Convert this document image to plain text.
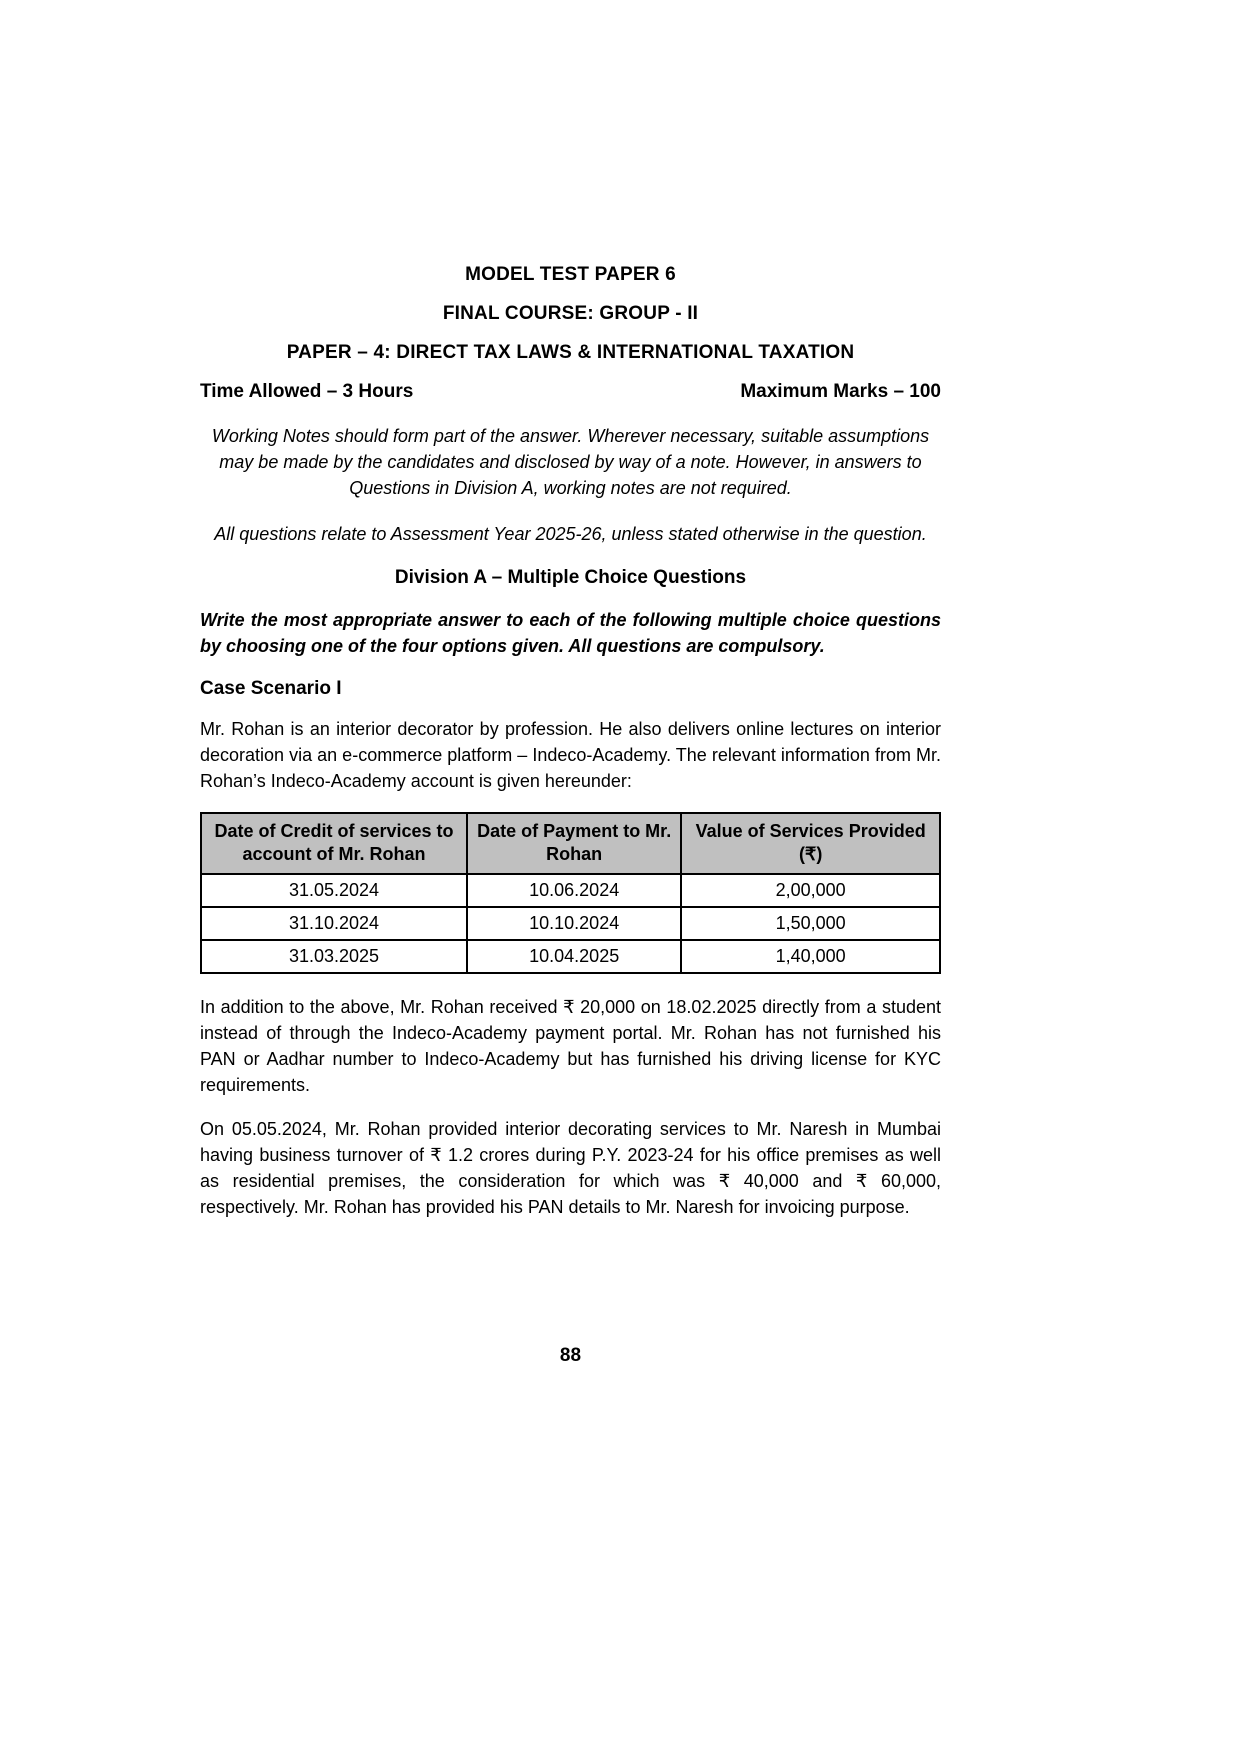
MODEL TEST PAPER 6
FINAL COURSE: GROUP - II
PAPER – 4: DIRECT TAX LAWS & INTERNATIONAL TAXATION
Time Allowed – 3 Hours	Maximum Marks – 100
Working Notes should form part of the answer. Wherever necessary, suitable assumptions may be made by the candidates and disclosed by way of a note. However, in answers to Questions in Division A, working notes are not required.
All questions relate to Assessment Year 2025-26, unless stated otherwise in the question.
Division A – Multiple Choice Questions
Write the most appropriate answer to each of the following multiple choice questions by choosing one of the four options given. All questions are compulsory.
Case Scenario I
Mr. Rohan is an interior decorator by profession. He also delivers online lectures on interior decoration via an e-commerce platform – Indeco-Academy. The relevant information from Mr. Rohan’s Indeco-Academy account is given hereunder:
Date of Credit of services to account of Mr. Rohan	Date of Payment to Mr. Rohan	Value of Services Provided (₹)
31.05.2024	10.06.2024	2,00,000
31.10.2024	10.10.2024	1,50,000
31.03.2025	10.04.2025	1,40,000
In addition to the above, Mr. Rohan received ₹ 20,000 on 18.02.2025 directly from a student instead of through the Indeco-Academy payment portal. Mr. Rohan has not furnished his PAN or Aadhar number to Indeco-Academy but has furnished his driving license for KYC requirements.
On 05.05.2024, Mr. Rohan provided interior decorating services to Mr. Naresh in Mumbai having business turnover of ₹ 1.2 crores during P.Y. 2023-24 for his office premises as well as residential premises, the consideration for which was ₹ 40,000 and ₹ 60,000, respectively. Mr. Rohan has provided his PAN details to Mr. Naresh for invoicing purpose.
88
